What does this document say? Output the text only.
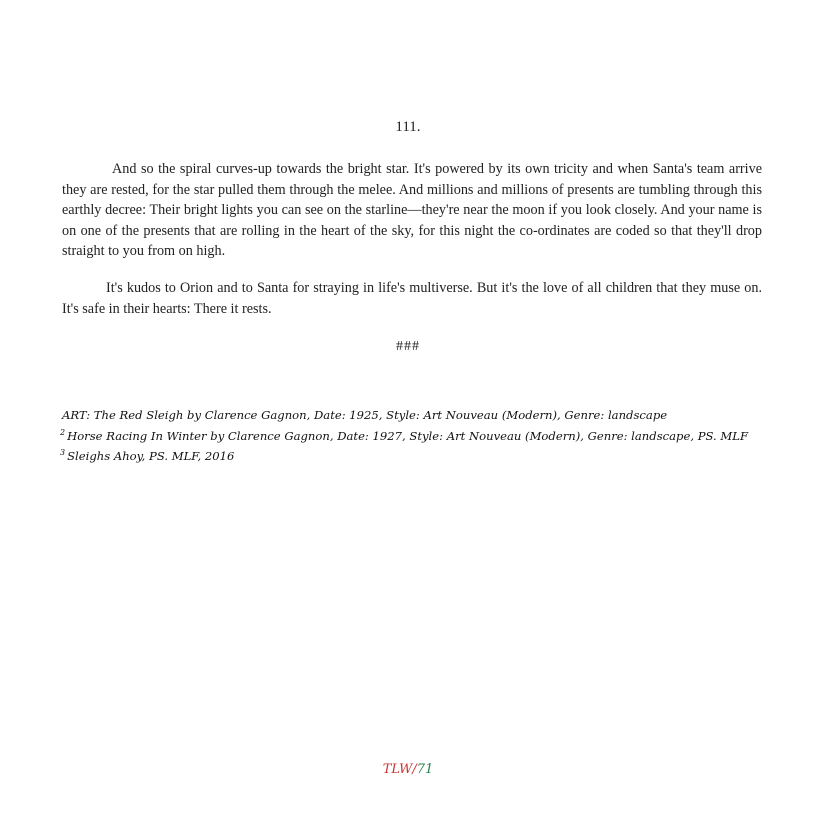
111.

And so the spiral curves-up towards the bright star. It's powered by its own tricity and when Santa's team arrive they are rested, for the star pulled them through the melee. And millions and millions of presents are tumbling through this earthly decree: Their bright lights you can see on the starline—they're near the moon if you look closely. And your name is on one of the presents that are rolling in the heart of the sky, for this night the co-ordinates are coded so that they'll drop straight to you from on high.

It's kudos to Orion and to Santa for straying in life's multiverse. But it's the love of all children that they muse on. It's safe in their hearts: There it rests.

###
ART: The Red Sleigh by Clarence Gagnon, Date: 1925, Style: Art Nouveau (Modern), Genre: landscape
$^2$ Horse Racing In Winter by Clarence Gagnon, Date: 1927, Style: Art Nouveau (Modern), Genre: landscape, PS. MLF
$^3$ Sleighs Ahoy, PS. MLF, 2016
TLW/71
